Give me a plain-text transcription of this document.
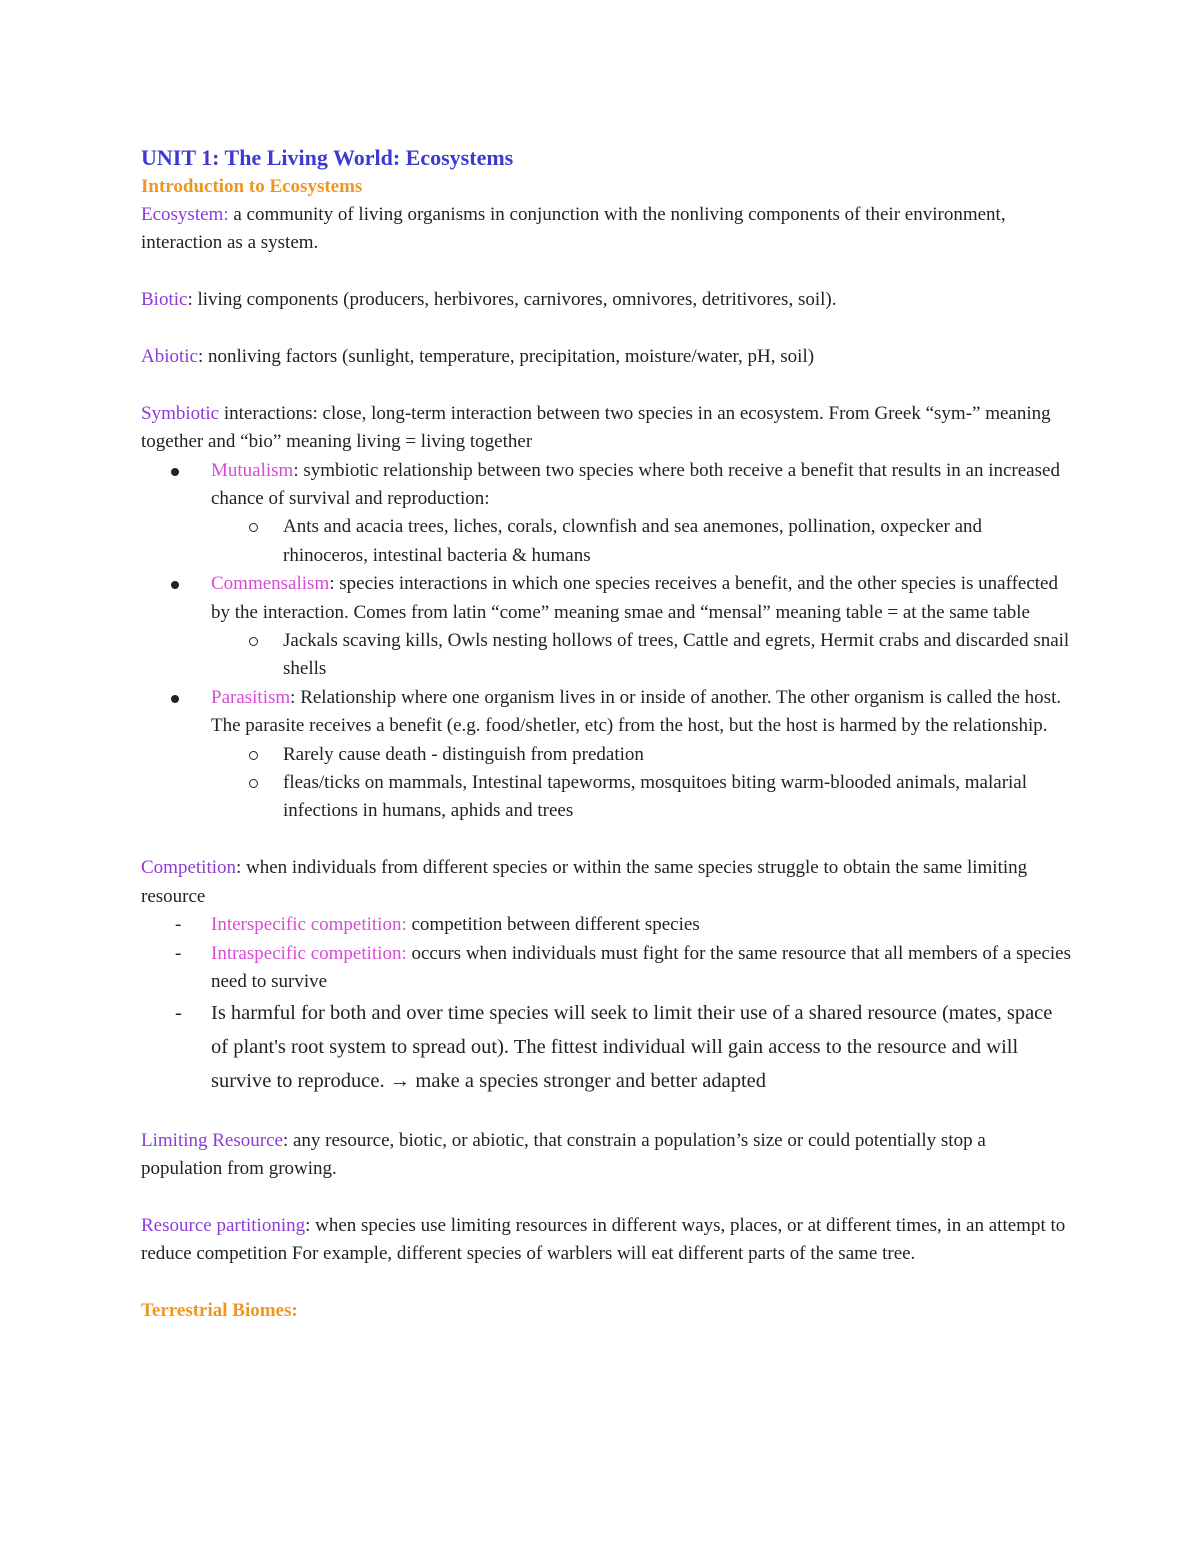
UNIT 1: The Living World: Ecosystems

Introduction to Ecosystems

Ecosystem: a community of living organisms in conjunction with the nonliving components of their environment, interaction as a system.

Biotic: living components (producers, herbivores, carnivores, omnivores, detritivores, soil).

Abiotic: nonliving factors (sunlight, temperature, precipitation, moisture/water, pH, soil)

Symbiotic interactions: close, long-term interaction between two species in an ecosystem. From Greek “sym-” meaning together and “bio” meaning living = living together

Mutualism: symbiotic relationship between two species where both receive a benefit that results in an increased chance of survival and reproduction:
Ants and acacia trees, liches, corals, clownfish and sea anemones, pollination, oxpecker and rhinoceros, intestinal bacteria & humans
Commensalism: species interactions in which one species receives a benefit, and the other species is unaffected by the interaction. Comes from latin “come” meaning smae and “mensal” meaning table = at the same table
Jackals scaving kills, Owls nesting hollows of trees, Cattle and egrets, Hermit crabs and discarded snail shells
Parasitism: Relationship where one organism lives in or inside of another. The other organism is called the host. The parasite receives a benefit (e.g. food/shetler, etc) from the host, but the host is harmed by the relationship.
Rarely cause death - distinguish from predation
fleas/ticks on mammals, Intestinal tapeworms, mosquitoes biting warm-blooded animals, malarial infections in humans, aphids and trees

Competition: when individuals from different species or within the same species struggle to obtain the same limiting resource

- Interspecific competition: competition between different species
- Intraspecific competition: occurs when individuals must fight for the same resource that all members of a species need to survive
- Is harmful for both and over time species will seek to limit their use of a shared resource (mates, space of plant's root system to spread out). The fittest individual will gain access to the resource and will survive to reproduce. → make a species stronger and better adapted

Limiting Resource: any resource, biotic, or abiotic, that constrain a population’s size or could potentially stop a population from growing.

Resource partitioning: when species use limiting resources in different ways, places, or at different times, in an attempt to reduce competition For example, different species of warblers will eat different parts of the same tree.

Terrestrial Biomes:
